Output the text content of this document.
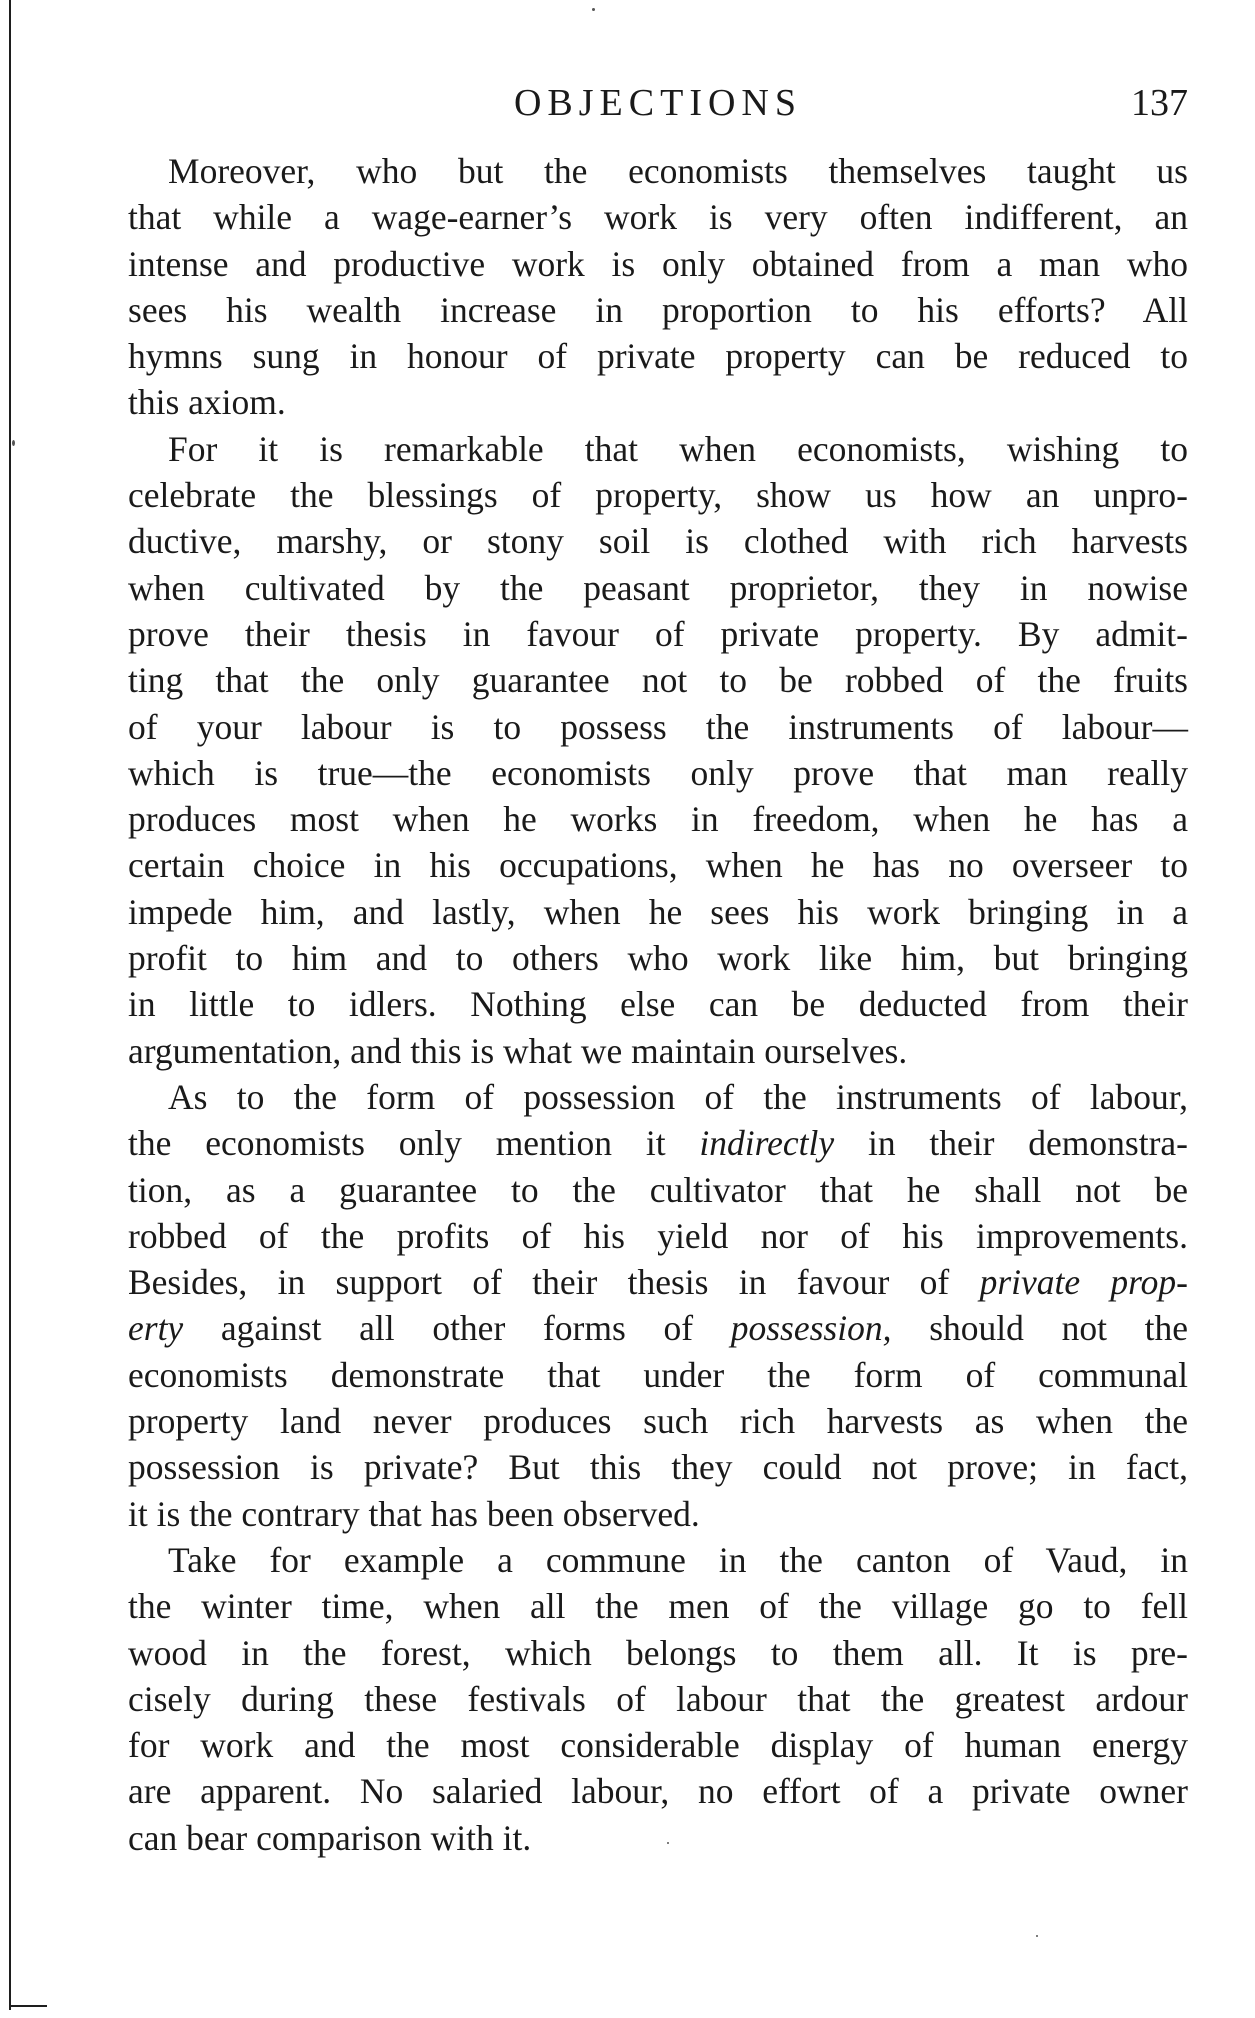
OBJECTIONS	137
Moreover, who but the economists themselves taught us
that while a wage-earner’s work is very often indifferent, an
intense and productive work is only obtained from a man who
sees his wealth increase in proportion to his efforts? All
hymns sung in honour of private property can be reduced to
this axiom.
For it is remarkable that when economists, wishing to
celebrate the blessings of property, show us how an unpro-
ductive, marshy, or stony soil is clothed with rich harvests
when cultivated by the peasant proprietor, they in nowise
prove their thesis in favour of private property. By admit-
ting that the only guarantee not to be robbed of the fruits
of your labour is to possess the instruments of labour—
which is true—the economists only prove that man really
produces most when he works in freedom, when he has a
certain choice in his occupations, when he has no overseer to
impede him, and lastly, when he sees his work bringing in a
profit to him and to others who work like him, but bringing
in little to idlers. Nothing else can be deducted from their
argumentation, and this is what we maintain ourselves.
As to the form of possession of the instruments of labour,
the economists only mention it indirectly in their demonstra-
tion, as a guarantee to the cultivator that he shall not be
robbed of the profits of his yield nor of his improvements.
Besides, in support of their thesis in favour of private prop-
erty against all other forms of possession, should not the
economists demonstrate that under the form of communal
property land never produces such rich harvests as when the
possession is private? But this they could not prove; in fact,
it is the contrary that has been observed.
Take for example a commune in the canton of Vaud, in
the winter time, when all the men of the village go to fell
wood in the forest, which belongs to them all. It is pre-
cisely during these festivals of labour that the greatest ardour
for work and the most considerable display of human energy
are apparent. No salaried labour, no effort of a private owner
can bear comparison with it.
